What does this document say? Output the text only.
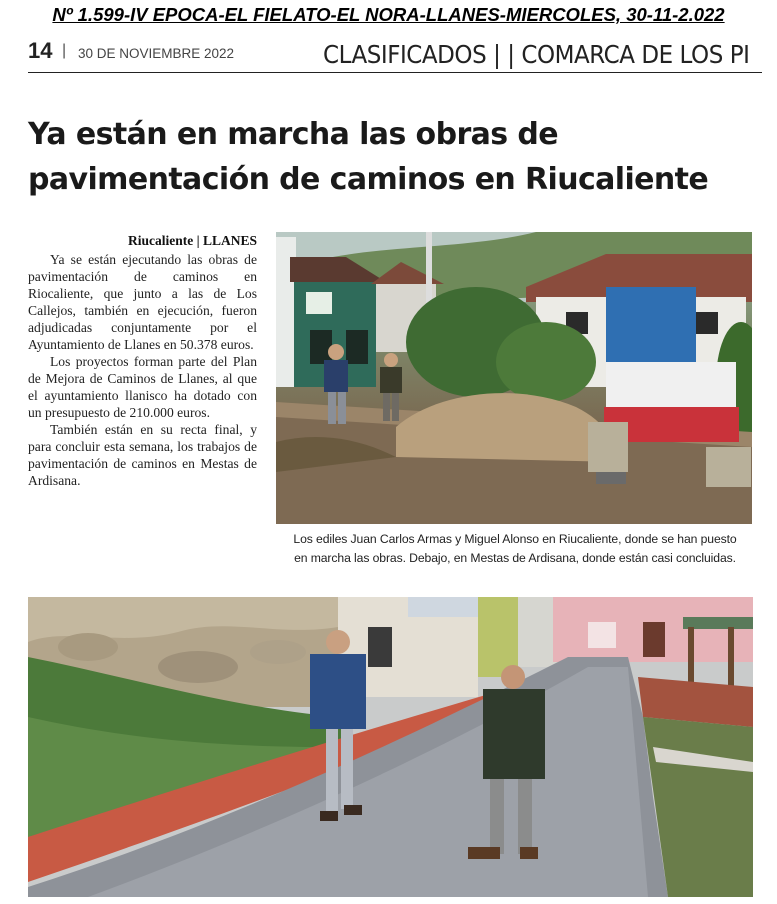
Nº 1.599-IV EPOCA-EL FIELATO-EL NORA-LLANES-MIERCOLES, 30-11-2.022
14 | 30 DE NOVIEMBRE 2022	CLASIFICADOS | | COMARCA DE LOS PI
Ya están en marcha las obras de pavimentación de caminos en Riucaliente
Riucaliente | LLANES

Ya se están ejecutando las obras de pavimentación de caminos en Riocaliente, que junto a las de Los Callejos, también en ejecución, fueron adjudicadas conjuntamente por el Ayuntamiento de Llanes en 50.378 euros.

Los proyectos forman parte del Plan de Mejora de Caminos de Llanes, al que el ayuntamiento llanisco ha dotado con un presupuesto de 210.000 euros.

También están en su recta final, y para concluir esta semana, los trabajos de pavimentación de caminos en Mestas de Ardisana.

Los ediles Juan Carlos Armas y Miguel Alonso en Riucaliente, donde se han puesto
en marcha las obras. Debajo, en Mestas de Ardisana, donde están casi concluidas.
